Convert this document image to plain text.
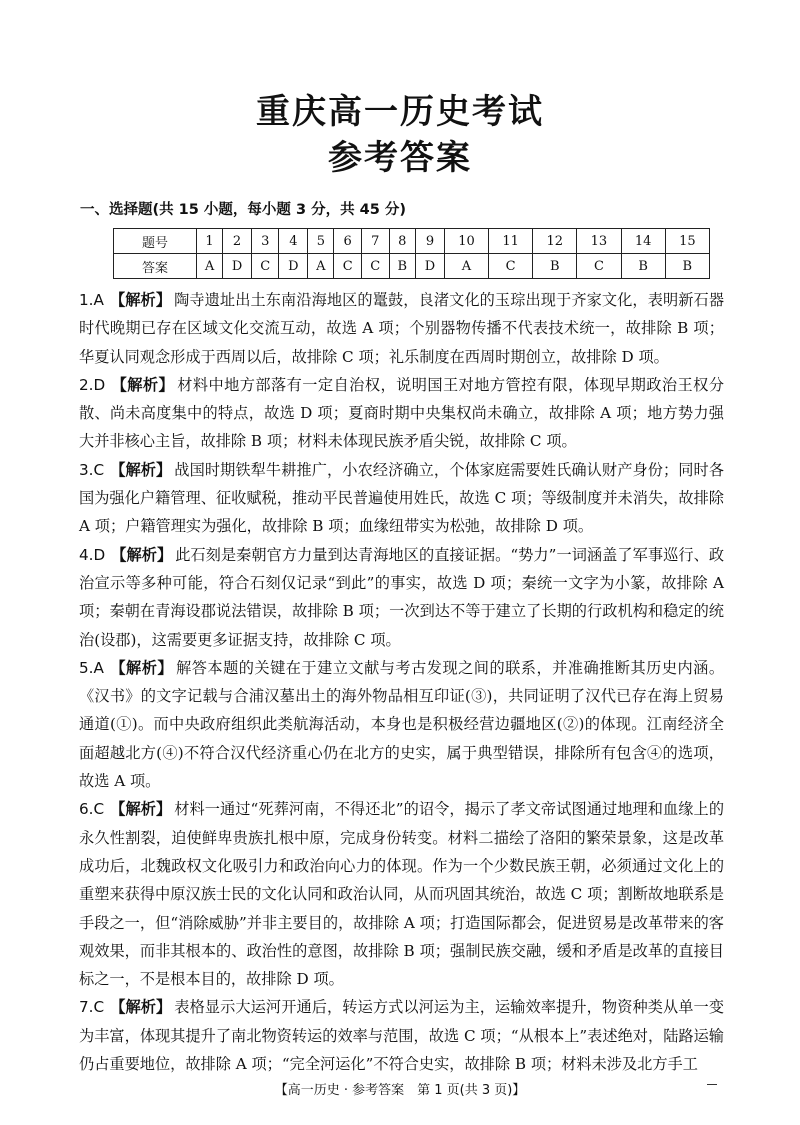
重庆高一历史考试
参考答案
一、选择题(共 15 小题，每小题 3 分，共 45 分)
题号	1	2	3	4	5	6	7	8	9	10	11	12	13	14	15
答案	A	D	C	D	A	C	C	B	D	A	C	B	C	B	B
1.A 【解析】 陶寺遗址出土东南沿海地区的鼍鼓，良渚文化的玉琮出现于齐家文化，表明新石器时代晚期已存在区域文化交流互动，故选 A 项；个别器物传播不代表技术统一，故排除 B 项；华夏认同观念形成于西周以后，故排除 C 项；礼乐制度在西周时期创立，故排除 D 项。
2.D 【解析】 材料中地方部落有一定自治权，说明国王对地方管控有限，体现早期政治王权分散、尚未高度集中的特点，故选 D 项；夏商时期中央集权尚未确立，故排除 A 项；地方势力强大并非核心主旨，故排除 B 项；材料未体现民族矛盾尖锐，故排除 C 项。
3.C 【解析】 战国时期铁犁牛耕推广，小农经济确立，个体家庭需要姓氏确认财产身份；同时各国为强化户籍管理、征收赋税，推动平民普遍使用姓氏，故选 C 项；等级制度并未消失，故排除 A 项；户籍管理实为强化，故排除 B 项；血缘纽带实为松弛，故排除 D 项。
4.D 【解析】 此石刻是秦朝官方力量到达青海地区的直接证据。“势力”一词涵盖了军事巡行、政治宣示等多种可能，符合石刻仅记录“到此”的事实，故选 D 项；秦统一文字为小篆，故排除 A 项；秦朝在青海设郡说法错误，故排除 B 项；一次到达不等于建立了长期的行政机构和稳定的统治(设郡)，这需要更多证据支持，故排除 C 项。
5.A 【解析】 解答本题的关键在于建立文献与考古发现之间的联系，并准确推断其历史内涵。《汉书》的文字记载与合浦汉墓出土的海外物品相互印证(③)，共同证明了汉代已存在海上贸易通道(①)。而中央政府组织此类航海活动，本身也是积极经营边疆地区(②)的体现。江南经济全面超越北方(④)不符合汉代经济重心仍在北方的史实，属于典型错误，排除所有包含④的选项，故选 A 项。
6.C 【解析】 材料一通过“死葬河南，不得还北”的诏令，揭示了孝文帝试图通过地理和血缘上的永久性割裂，迫使鲜卑贵族扎根中原，完成身份转变。材料二描绘了洛阳的繁荣景象，这是改革成功后，北魏政权文化吸引力和政治向心力的体现。作为一个少数民族王朝，必须通过文化上的重塑来获得中原汉族士民的文化认同和政治认同，从而巩固其统治，故选 C 项；割断故地联系是手段之一，但“消除威胁”并非主要目的，故排除 A 项；打造国际都会，促进贸易是改革带来的客观效果，而非其根本的、政治性的意图，故排除 B 项；强制民族交融，缓和矛盾是改革的直接目标之一，不是根本目的，故排除 D 项。
7.C 【解析】 表格显示大运河开通后，转运方式以河运为主，运输效率提升，物资种类从单一变为丰富，体现其提升了南北物资转运的效率与范围，故选 C 项；“从根本上”表述绝对，陆路运输仍占重要地位，故排除 A 项；“完全河运化”不符合史实，故排除 B 项；材料未涉及北方手工
【高一历史 · 参考答案　第 1 页(共 3 页)】
